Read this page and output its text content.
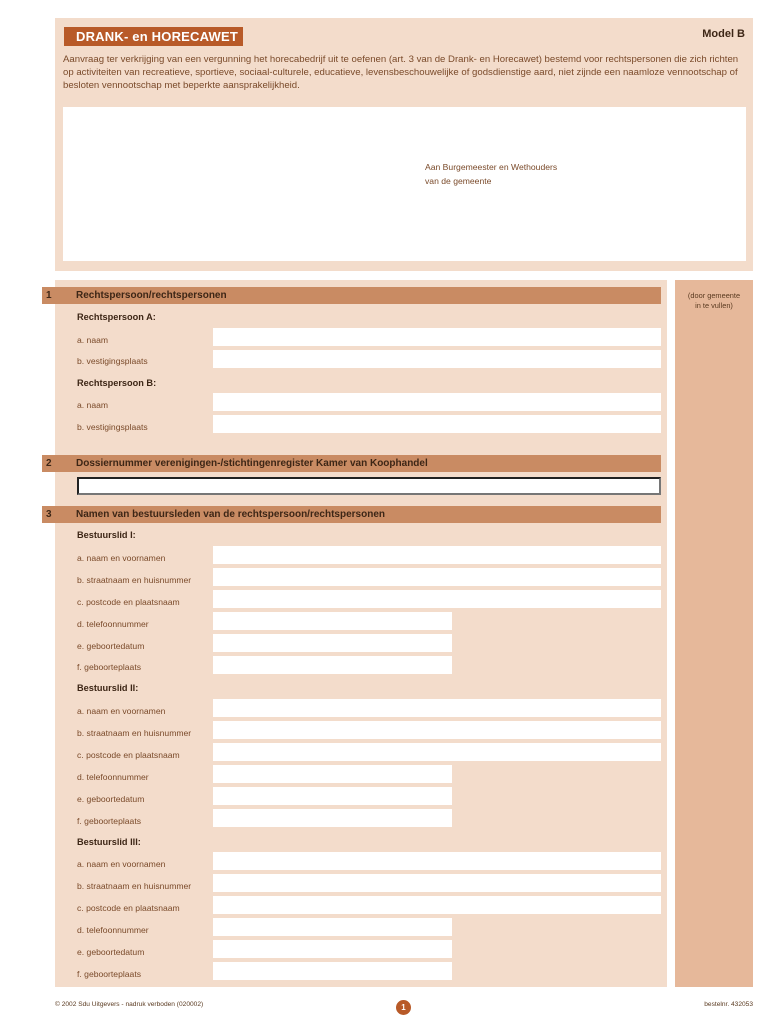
DRANK- en HORECAWET	Model B
Aanvraag ter verkrijging van een vergunning het horecabedrijf uit te oefenen (art. 3 van de Drank- en Horecawet) bestemd voor rechtspersonen die zich richten op activiteiten van recreatieve, sportieve, sociaal-culturele, educatieve, levensbeschouwelijke of godsdienstige aard, niet zijnde een naamloze vennootschap of besloten vennootschap met beperkte aansprakelijkheid.
Aan Burgemeester en Wethouders
van de gemeente
(door gemeente
in te vullen)
1 Rechtspersoon/rechtspersonen
Rechtspersoon A:
a. naam
b. vestigingsplaats
Rechtspersoon B:
a. naam
b. vestigingsplaats
2 Dossiernummer verenigingen-/stichtingenregister Kamer van Koophandel
3 Namen van bestuursleden van de rechtspersoon/rechtspersonen
Bestuurslid I:
a. naam en voornamen
b. straatnaam en huisnummer
c. postcode en plaatsnaam
d. telefoonnummer
e. geboortedatum
f. geboorteplaats
Bestuurslid II:
a. naam en voornamen
b. straatnaam en huisnummer
c. postcode en plaatsnaam
d. telefoonnummer
e. geboortedatum
f. geboorteplaats
Bestuurslid III:
a. naam en voornamen
b. straatnaam en huisnummer
c. postcode en plaatsnaam
d. telefoonnummer
e. geboortedatum
f. geboorteplaats
© 2002 Sdu Uitgevers - nadruk verboden (020002)	1	bestelnr. 432053
